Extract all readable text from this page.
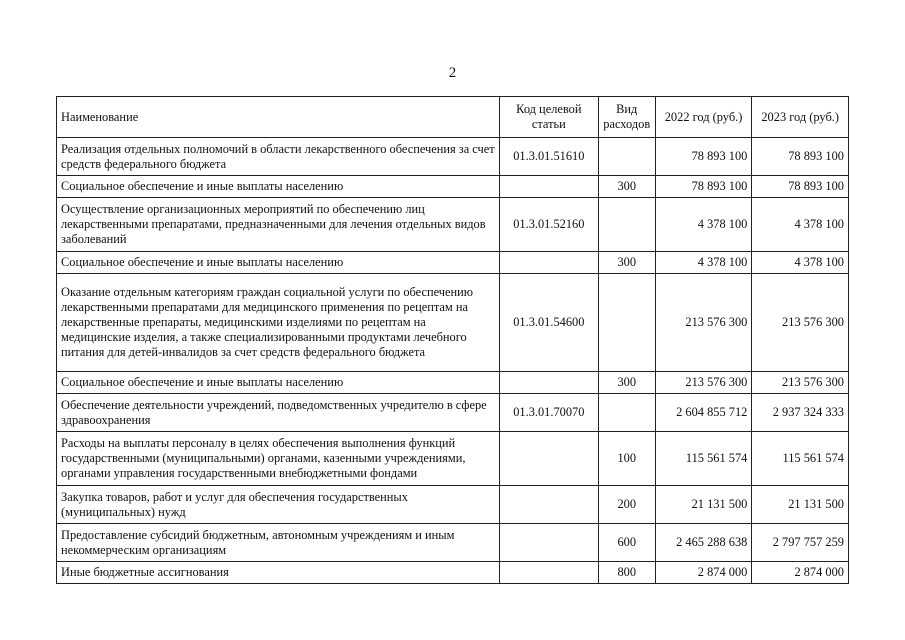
2
Наименование	Код целевой статьи	Вид расходов	2022 год (руб.)	2023 год (руб.)
Реализация отдельных полномочий в области лекарственного обеспечения за счет средств федерального бюджета	01.3.01.51610		78 893 100	78 893 100
Социальное обеспечение и иные выплаты населению		300	78 893 100	78 893 100
Осуществление организационных мероприятий по обеспечению лиц лекарственными препаратами, предназначенными для лечения отдельных видов заболеваний	01.3.01.52160		4 378 100	4 378 100
Социальное обеспечение и иные выплаты населению		300	4 378 100	4 378 100
Оказание отдельным категориям граждан социальной услуги по обеспечению лекарственными препаратами для медицинского применения по рецептам на лекарственные препараты, медицинскими изделиями по рецептам на медицинские изделия, а также специализированными продуктами лечебного питания для детей-инвалидов за счет средств федерального бюджета	01.3.01.54600		213 576 300	213 576 300
Социальное обеспечение и иные выплаты населению		300	213 576 300	213 576 300
Обеспечение деятельности учреждений, подведомственных учредителю в сфере здравоохранения	01.3.01.70070		2 604 855 712	2 937 324 333
Расходы на выплаты персоналу в целях обеспечения выполнения функций государственными (муниципальными) органами, казенными учреждениями, органами управления государственными внебюджетными фондами		100	115 561 574	115 561 574
Закупка товаров, работ и услуг для обеспечения государственных (муниципальных) нужд		200	21 131 500	21 131 500
Предоставление субсидий бюджетным, автономным учреждениям и иным некоммерческим организациям		600	2 465 288 638	2 797 757 259
Иные бюджетные ассигнования		800	2 874 000	2 874 000
